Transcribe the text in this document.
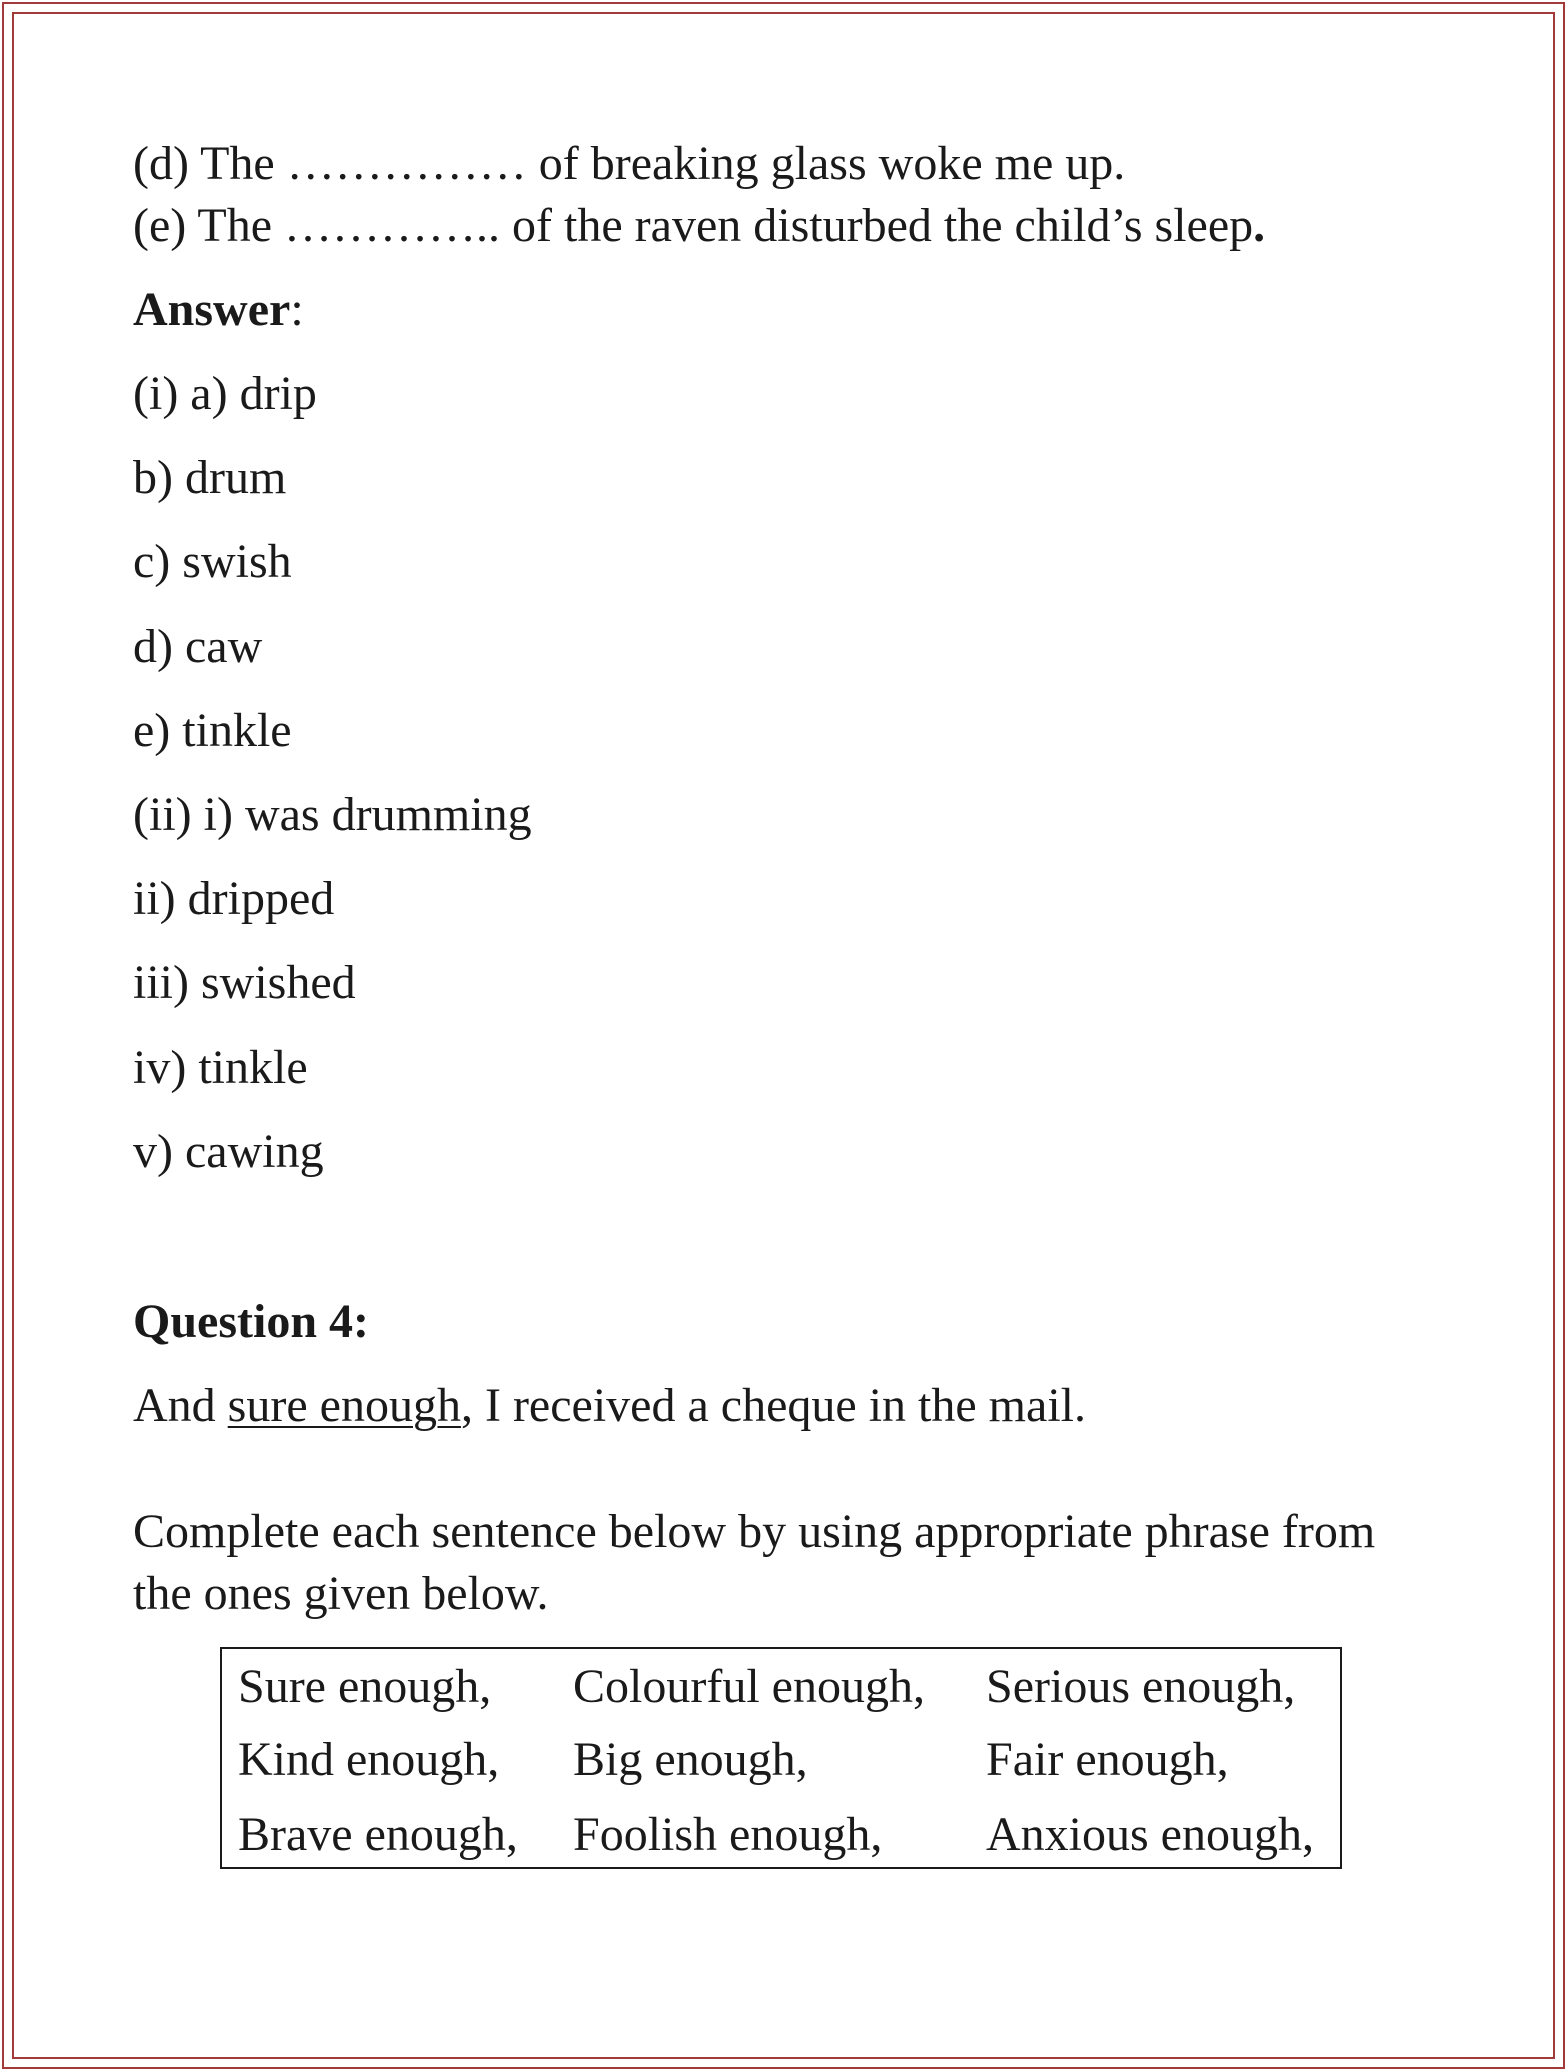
(d) The …………… of breaking glass woke me up.
(e) The ………….. of the raven disturbed the child’s sleep.
Answer:
(i) a) drip
b) drum
c) swish
d) caw
e) tinkle
(ii) i) was drumming
ii) dripped
iii) swished
iv) tinkle
v) cawing
Question 4:
And sure enough, I received a cheque in the mail.
Complete each sentence below by using appropriate phrase from
the ones given below.
Sure enough, Colourful enough, Serious enough,
Kind enough, Big enough,	Fair enough,
Brave enough, Foolish enough, Anxious enough,
